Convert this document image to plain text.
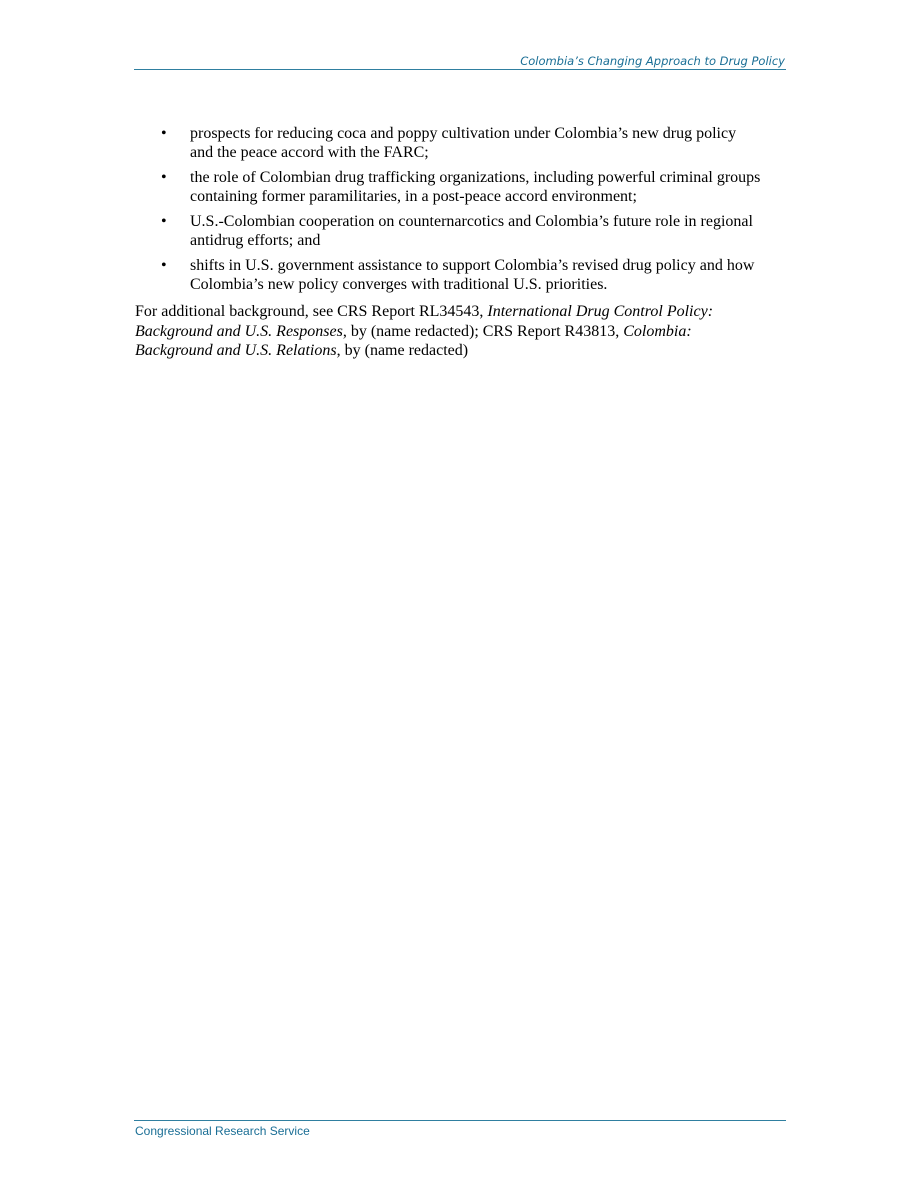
Colombia’s Changing Approach to Drug Policy
• prospects for reducing coca and poppy cultivation under Colombia’s new drug policy and the peace accord with the FARC;
• the role of Colombian drug trafficking organizations, including powerful criminal groups containing former paramilitaries, in a post-peace accord environment;
• U.S.-Colombian cooperation on counternarcotics and Colombia’s future role in regional antidrug efforts; and
• shifts in U.S. government assistance to support Colombia’s revised drug policy and how Colombia’s new policy converges with traditional U.S. priorities.

For additional background, see CRS Report RL34543, International Drug Control Policy: Background and U.S. Responses, by (name redacted); CRS Report R43813, Colombia: Background and U.S. Relations, by (name redacted)

Congressional Research Service
